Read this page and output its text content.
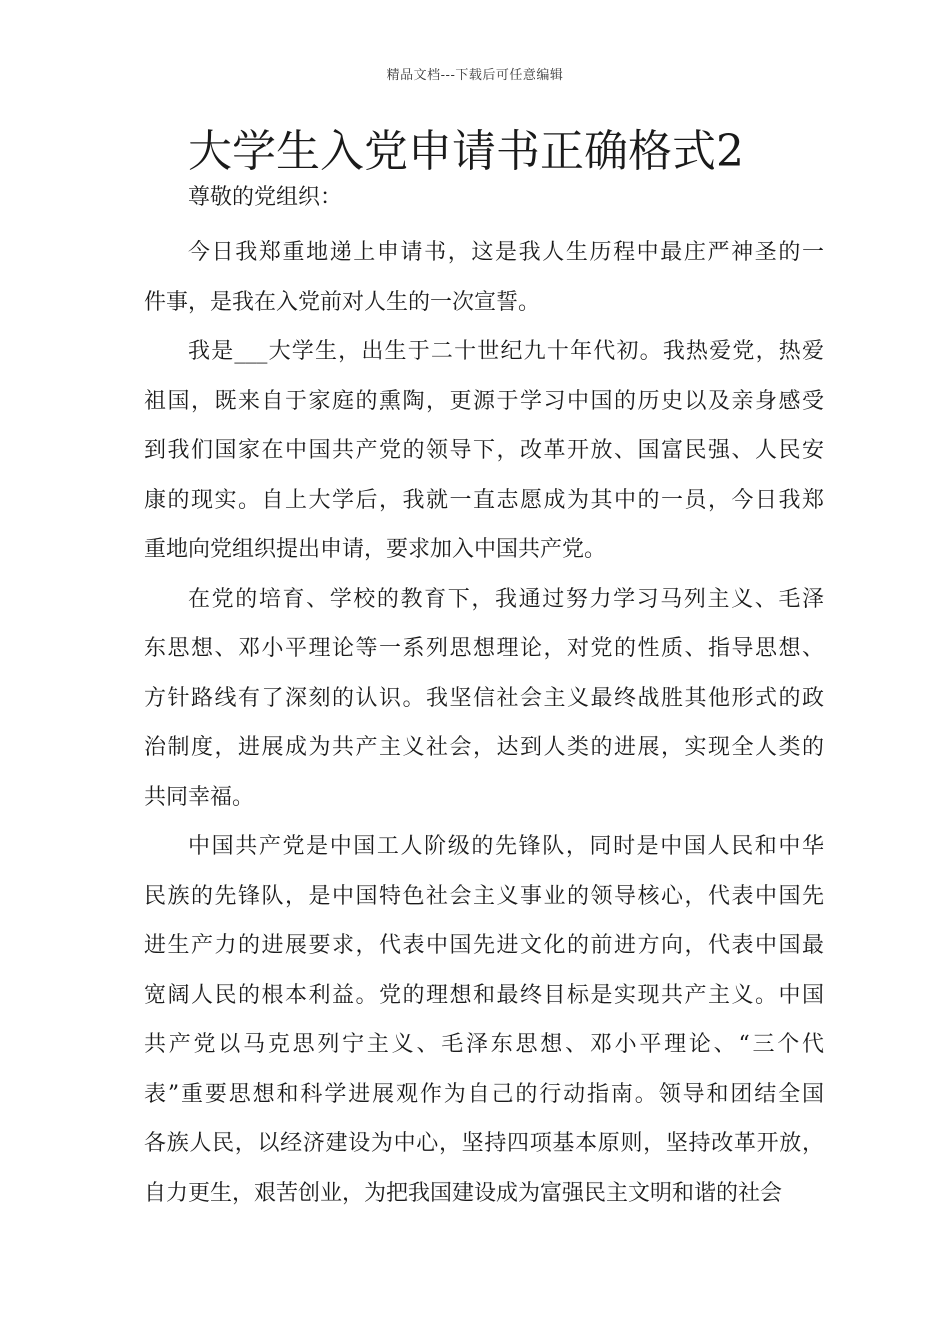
精品文档---下载后可任意编辑
大学生入党申请书正确格式2
尊敬的党组织：
今日我郑重地递上申请书，这是我人生历程中最庄严神圣的一
件事，是我在入党前对人生的一次宣誓。
我是___大学生，出生于二十世纪九十年代初。我热爱党，热爱
祖国，既来自于家庭的熏陶，更源于学习中国的历史以及亲身感受
到我们国家在中国共产党的领导下，改革开放、国富民强、人民安
康的现实。自上大学后，我就一直志愿成为其中的一员，今日我郑
重地向党组织提出申请，要求加入中国共产党。
在党的培育、学校的教育下，我通过努力学习马列主义、毛泽
东思想、邓小平理论等一系列思想理论，对党的性质、指导思想、
方针路线有了深刻的认识。我坚信社会主义最终战胜其他形式的政
治制度，进展成为共产主义社会，达到人类的进展，实现全人类的
共同幸福。
中国共产党是中国工人阶级的先锋队，同时是中国人民和中华
民族的先锋队，是中国特色社会主义事业的领导核心，代表中国先
进生产力的进展要求，代表中国先进文化的前进方向，代表中国最
宽阔人民的根本利益。党的理想和最终目标是实现共产主义。中国
共产党以马克思列宁主义、毛泽东思想、邓小平理论、“三个代
表”重要思想和科学进展观作为自己的行动指南。领导和团结全国
各族人民，以经济建设为中心，坚持四项基本原则，坚持改革开放，
自力更生，艰苦创业，为把我国建设成为富强民主文明和谐的社会
